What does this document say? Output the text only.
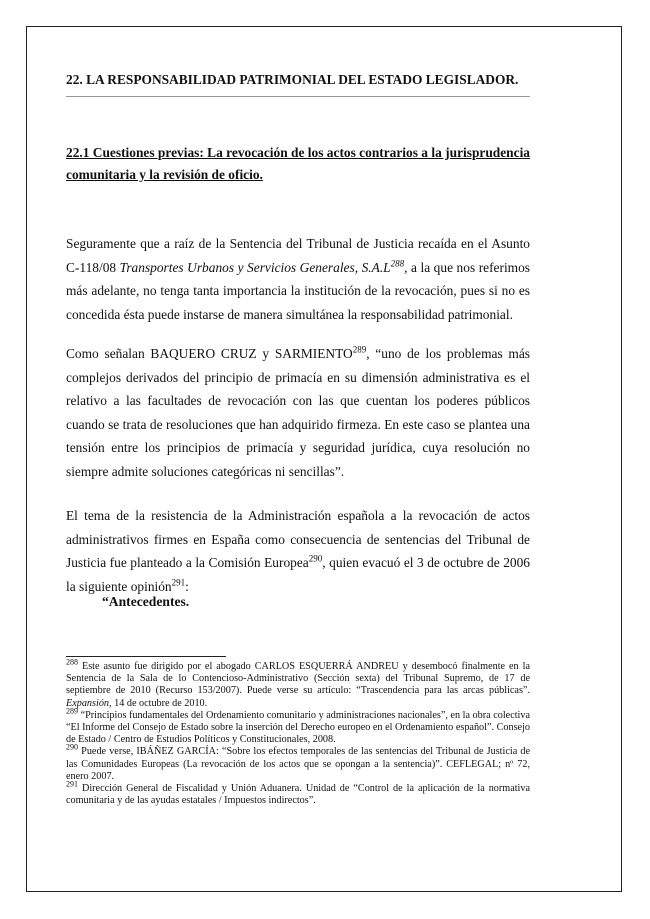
22. LA RESPONSABILIDAD PATRIMONIAL DEL ESTADO LEGISLADOR.
22.1 Cuestiones previas: La revocación de los actos contrarios a la jurisprudencia comunitaria y la revisión de oficio.
Seguramente que a raíz de la Sentencia del Tribunal de Justicia recaída en el Asunto C-118/08 Transportes Urbanos y Servicios Generales, $S.A.L^{288}$, a la que nos referimos más adelante, no tenga tanta importancia la institución de la revocación, pues si no es concedida ésta puede instarse de manera simultánea la responsabilidad patrimonial.
Como señalan BAQUERO CRUZ y SARMIENTO$^{289}$, “uno de los problemas más complejos derivados del principio de primacía en su dimensión administrativa es el relativo a las facultades de revocación con las que cuentan los poderes públicos cuando se trata de resoluciones que han adquirido firmeza. En este caso se plantea una tensión entre los principios de primacía y seguridad jurídica, cuya resolución no siempre admite soluciones categóricas ni sencillas”.
El tema de la resistencia de la Administración española a la revocación de actos administrativos firmes en España como consecuencia de sentencias del Tribunal de Justicia fue planteado a la Comisión Europea$^{290}$, quien evacuó el 3 de octubre de 2006 la siguiente opinión$^{291}$:
“Antecedentes.

$^{288}$ Este asunto fue dirigido por el abogado CARLOS ESQUERRÁ ANDREU y desembocó finalmente en la Sentencia de la Sala de lo Contencioso-Administrativo (Sección sexta) del Tribunal Supremo, de 17 de septiembre de 2010 (Recurso 153/2007). Puede verse su artículo: “Trascendencia para las arcas públicas”. Expansión, 14 de octubre de 2010.

$^{289}$ “Principios fundamentales del Ordenamiento comunitario y administraciones nacionales”, en la obra colectiva “El Informe del Consejo de Estado sobre la inserción del Derecho europeo en el Ordenamiento español”. Consejo de Estado / Centro de Estudios Políticos y Constitucionales, 2008.

$^{290}$ Puede verse, IBÁÑEZ GARCÍA: “Sobre los efectos temporales de las sentencias del Tribunal de Justicia de las Comunidades Europeas (La revocación de los actos que se opongan a la sentencia)”. CEFLEGAL; nº 72, enero 2007.

$^{291}$ Dirección General de Fiscalidad y Unión Aduanera. Unidad de “Control de la aplicación de la normativa comunitaria y de las ayudas estatales / Impuestos indirectos”.
